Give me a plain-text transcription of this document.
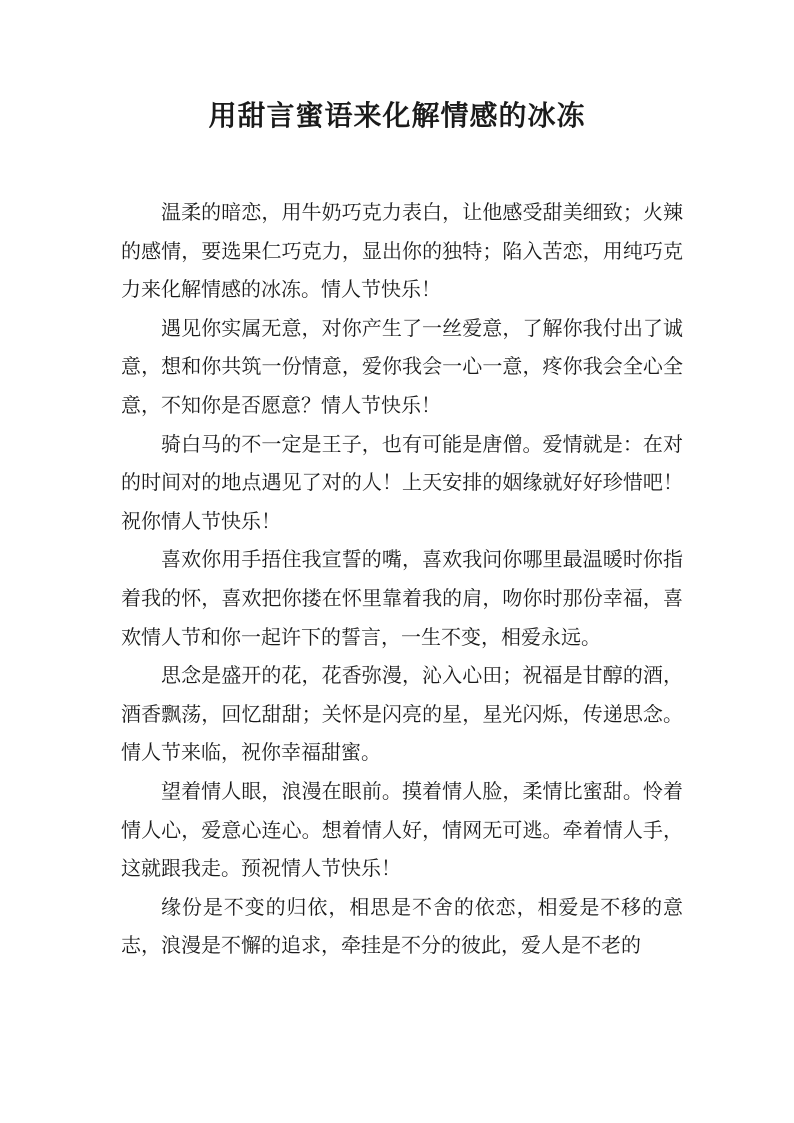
用甜言蜜语来化解情感的冰冻

温柔的暗恋，用牛奶巧克力表白，让他感受甜美细致；火辣的感情，要选果仁巧克力，显出你的独特；陷入苦恋，用纯巧克力来化解情感的冰冻。情人节快乐！

遇见你实属无意，对你产生了一丝爱意，了解你我付出了诚意，想和你共筑一份情意，爱你我会一心一意，疼你我会全心全意，不知你是否愿意？情人节快乐！

骑白马的不一定是王子，也有可能是唐僧。爱情就是：在对的时间对的地点遇见了对的人！上天安排的姻缘就好好珍惜吧！祝你情人节快乐！

喜欢你用手捂住我宣誓的嘴，喜欢我问你哪里最温暖时你指着我的怀，喜欢把你搂在怀里靠着我的肩，吻你时那份幸福，喜欢情人节和你一起许下的誓言，一生不变，相爱永远。

思念是盛开的花，花香弥漫，沁入心田；祝福是甘醇的酒，酒香飘荡，回忆甜甜；关怀是闪亮的星，星光闪烁，传递思念。情人节来临，祝你幸福甜蜜。

望着情人眼，浪漫在眼前。摸着情人脸，柔情比蜜甜。怜着情人心，爱意心连心。想着情人好，情网无可逃。牵着情人手，这就跟我走。预祝情人节快乐！

缘份是不变的归依，相思是不舍的依恋，相爱是不移的意志，浪漫是不懈的追求，牵挂是不分的彼此，爱人是不老的
